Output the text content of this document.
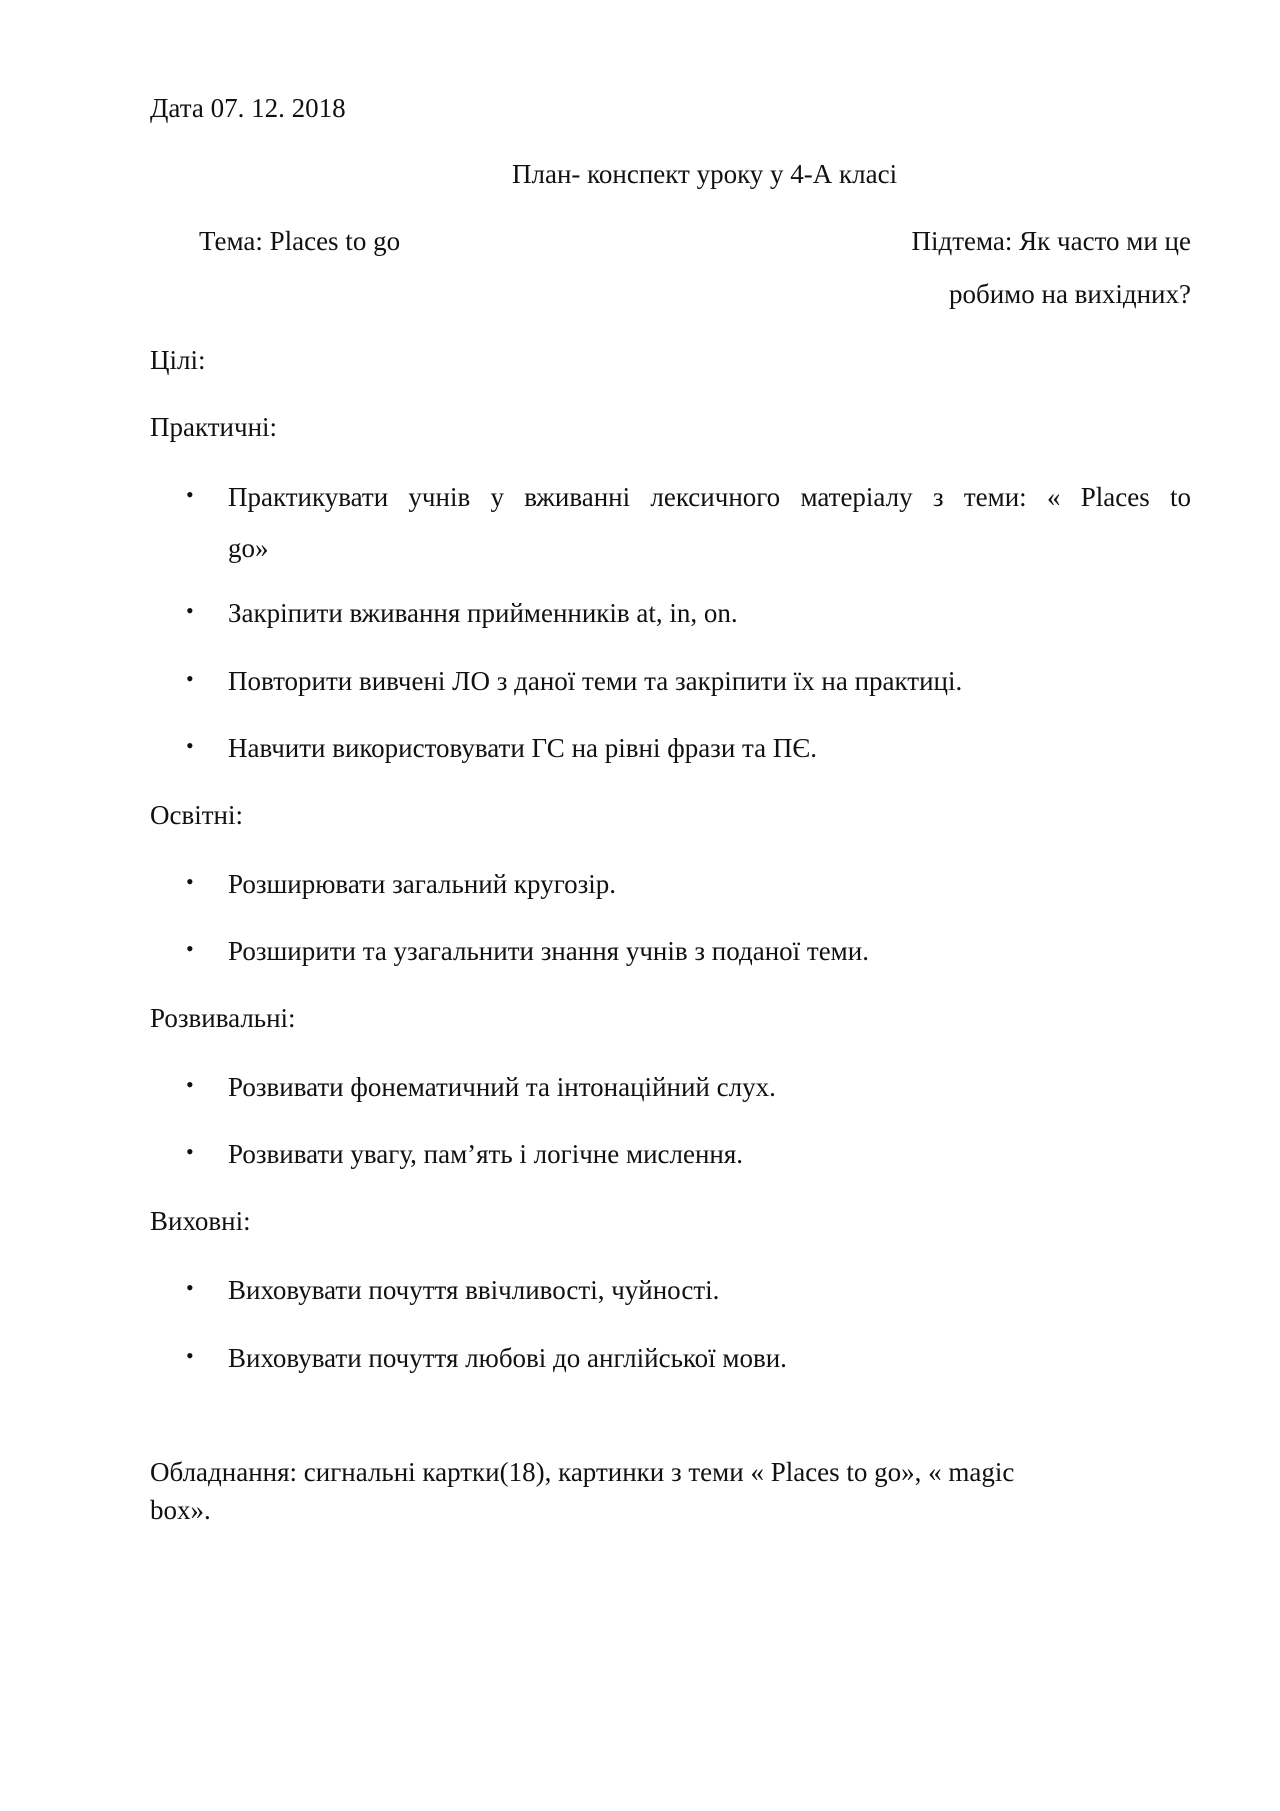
Дата 07. 12. 2018
План- конспект уроку у 4-А класі
Тема: Places to go	Підтема: Як часто ми це
робимо на вихідних?
Цілі:
Практичні:
• Практикувати учнів у вживанні лексичного матеріалу з теми: « Places to
go»
• Закріпити вживання прийменників at, in, on.
• Повторити вивчені ЛО з даної теми та закріпити їх на практиці.
• Навчити використовувати ГС на рівні фрази та ПЄ.
Освітні:
• Розширювати загальний кругозір.
• Розширити та узагальнити знання учнів з поданої теми.
Розвивальні:
• Розвивати фонематичний та інтонаційний слух.
• Розвивати увагу, пам’ять і логічне мислення.
Виховні:
• Виховувати почуття ввічливості, чуйності.
• Виховувати почуття любові до англійської мови.
Обладнання: сигнальні картки(18), картинки з теми « Places to go», « magic
box».
